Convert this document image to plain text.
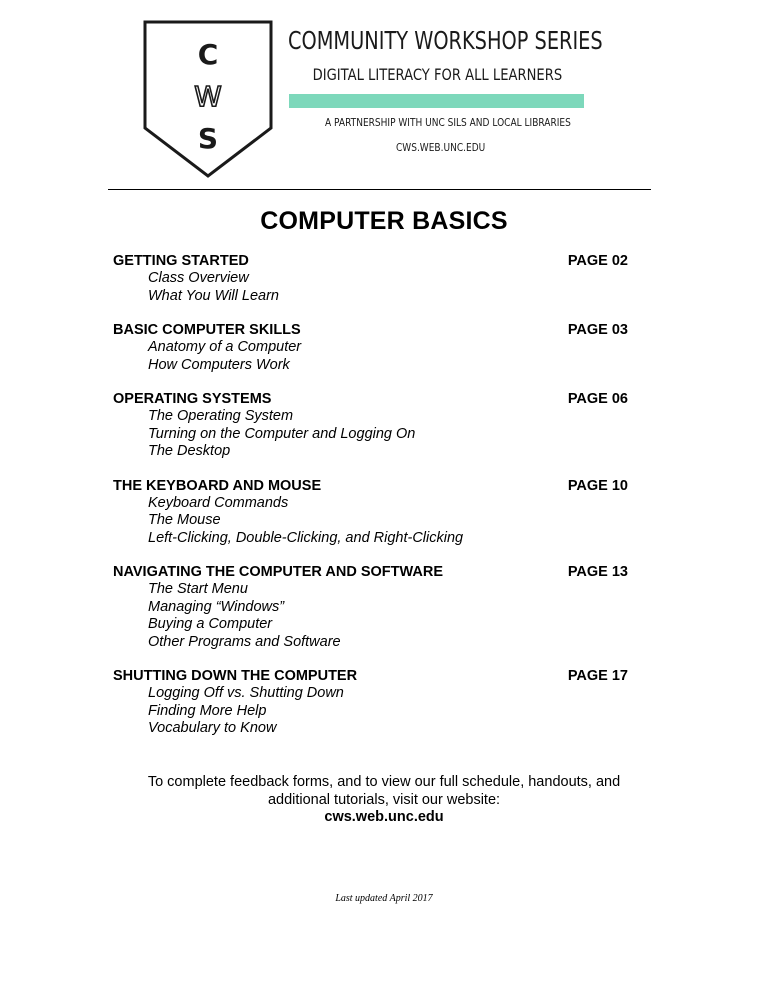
C
W
S
COMMUNITY WORKSHOP SERIES
DIGITAL LITERACY FOR ALL LEARNERS
A PARTNERSHIP WITH UNC SILS AND LOCAL LIBRARIES
CWS.WEB.UNC.EDU
COMPUTER BASICS
GETTING STARTED	PAGE 02
Class Overview
What You Will Learn
BASIC COMPUTER SKILLS	PAGE 03
Anatomy of a Computer
How Computers Work
OPERATING SYSTEMS	PAGE 06
The Operating System
Turning on the Computer and Logging On
The Desktop
THE KEYBOARD AND MOUSE	PAGE 10
Keyboard Commands
The Mouse
Left-Clicking, Double-Clicking, and Right-Clicking
NAVIGATING THE COMPUTER AND SOFTWARE	PAGE 13
The Start Menu
Managing “Windows”
Buying a Computer
Other Programs and Software
SHUTTING DOWN THE COMPUTER	PAGE 17
Logging Off vs. Shutting Down
Finding More Help
Vocabulary to Know
To complete feedback forms, and to view our full schedule, handouts, and
additional tutorials, visit our website:
cws.web.unc.edu
Last updated April 2017
